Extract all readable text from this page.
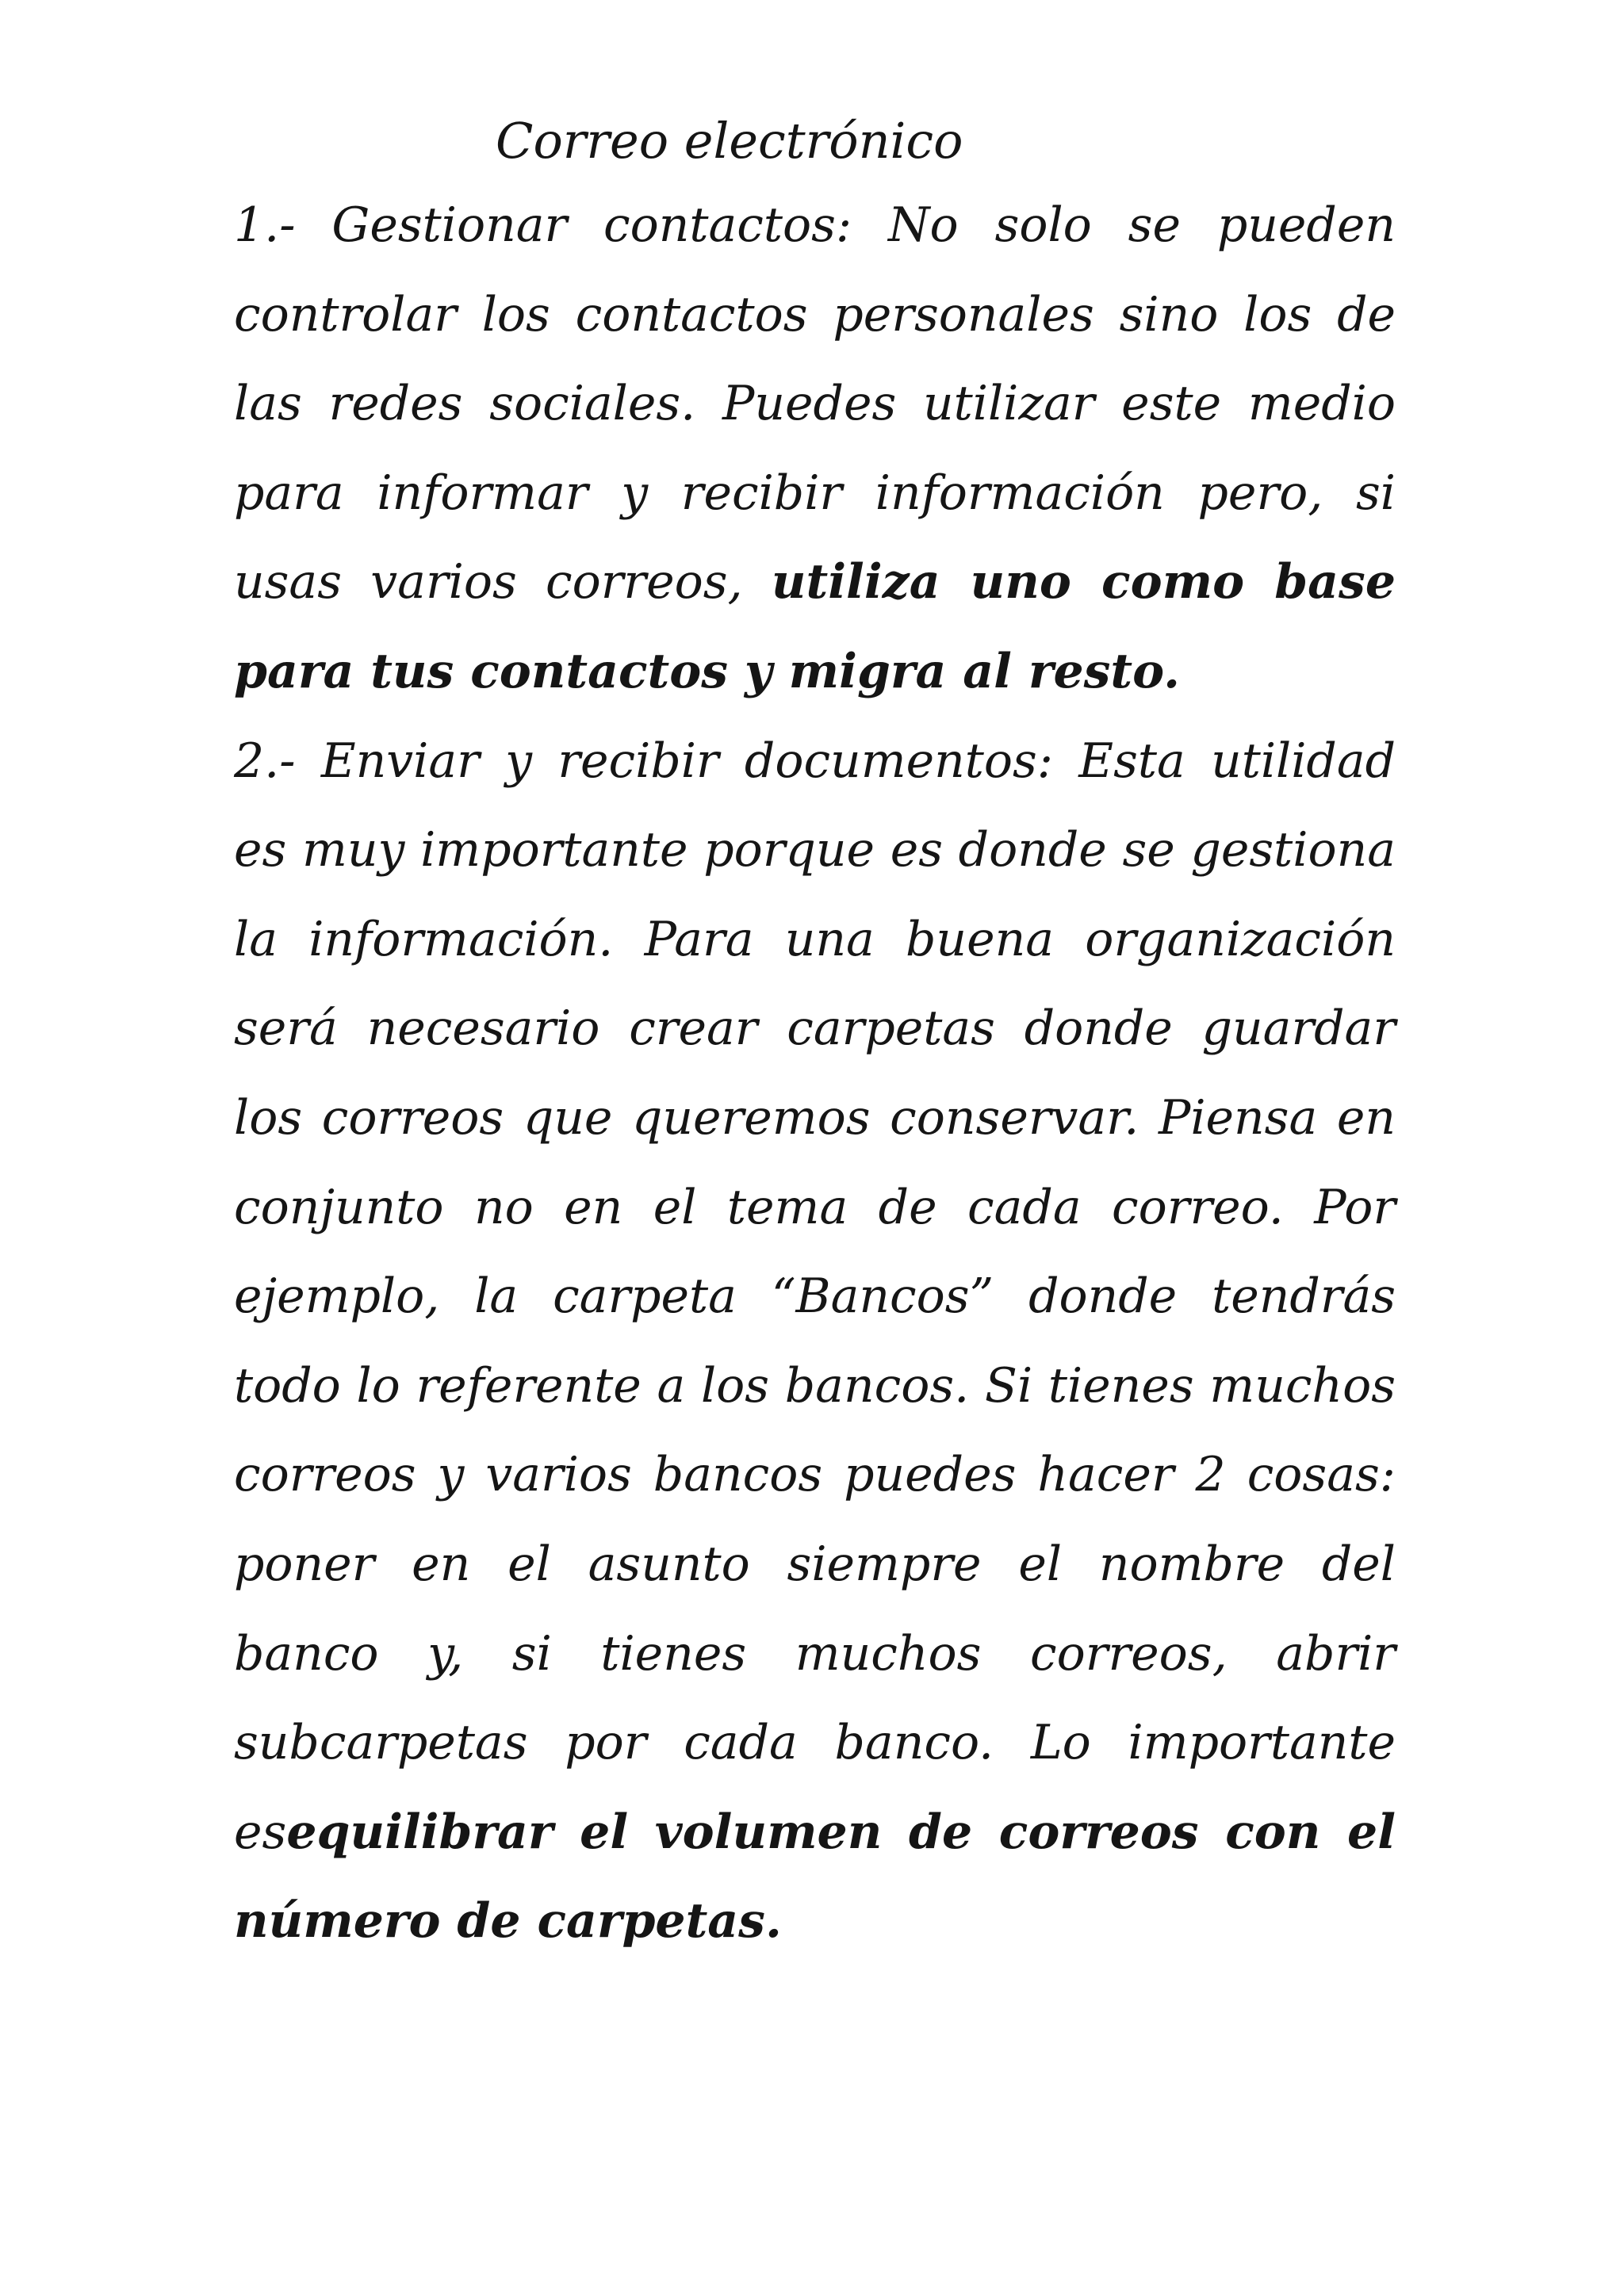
Correo electrónico

1.- Gestionar contactos: No solo se pueden controlar los contactos personales sino los de las redes sociales. Puedes utilizar este medio para informar y recibir información pero, si usas varios correos, utiliza uno como base para tus contactos y migra al resto.

2.- Enviar y recibir documentos: Esta utilidad es muy importante porque es donde se gestiona la información. Para una buena organización será necesario crear carpetas donde guardar los correos que queremos conservar. Piensa en conjunto no en el tema de cada correo. Por ejemplo, la carpeta “Bancos” donde tendrás todo lo referente a los bancos. Si tienes muchos correos y varios bancos puedes hacer 2 cosas: poner en el asunto siempre el nombre del banco y, si tienes muchos correos, abrir subcarpetas por cada banco. Lo importante esequilibrar el volumen de correos con el número de carpetas.
